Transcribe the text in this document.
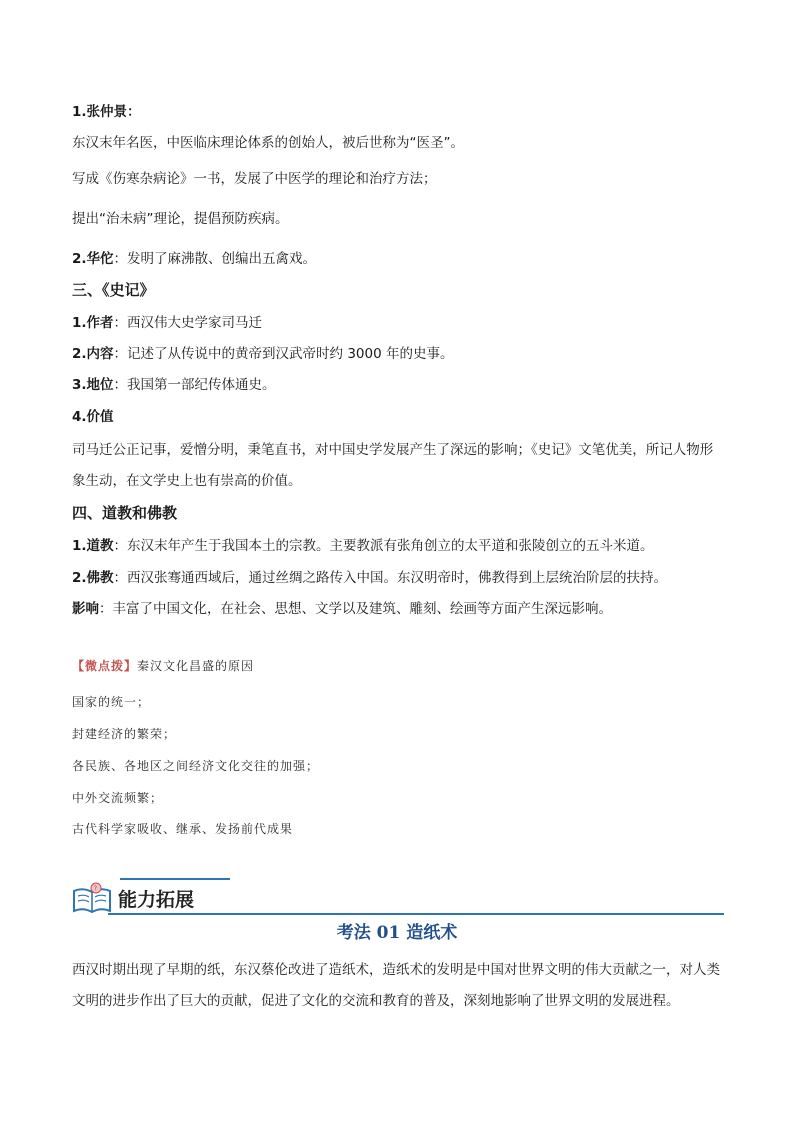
1.张仲景：
东汉末年名医，中医临床理论体系的创始人，被后世称为“医圣”。
写成《伤寒杂病论》一书，发展了中医学的理论和治疗方法；
提出“治未病”理论，提倡预防疾病。
2.华佗：发明了麻沸散、创编出五禽戏。
三、《史记》
1.作者：西汉伟大史学家司马迁
2.内容：记述了从传说中的黄帝到汉武帝时约 3000 年的史事。
3.地位：我国第一部纪传体通史。
4.价值
司马迁公正记事，爱憎分明，秉笔直书，对中国史学发展产生了深远的影响；《史记》文笔优美，所记人物形象生动，在文学史上也有崇高的价值。
四、道教和佛教
1.道教：东汉末年产生于我国本土的宗教。主要教派有张角创立的太平道和张陵创立的五斗米道。
2.佛教：西汉张骞通西域后，通过丝绸之路传入中国。东汉明帝时，佛教得到上层统治阶层的扶持。
影响：丰富了中国文化，在社会、思想、文学以及建筑、雕刻、绘画等方面产生深远影响。
【微点拨】秦汉文化昌盛的原因
国家的统一；
封建经济的繁荣；
各民族、各地区之间经济文化交往的加强；
中外交流频繁；
古代科学家吸收、继承、发扬前代成果
?
能力拓展
考法 01 造纸术
西汉时期出现了早期的纸，东汉蔡伦改进了造纸术，造纸术的发明是中国对世界文明的伟大贡献之一，对人类文明的进步作出了巨大的贡献，促进了文化的交流和教育的普及，深刻地影响了世界文明的发展进程。
